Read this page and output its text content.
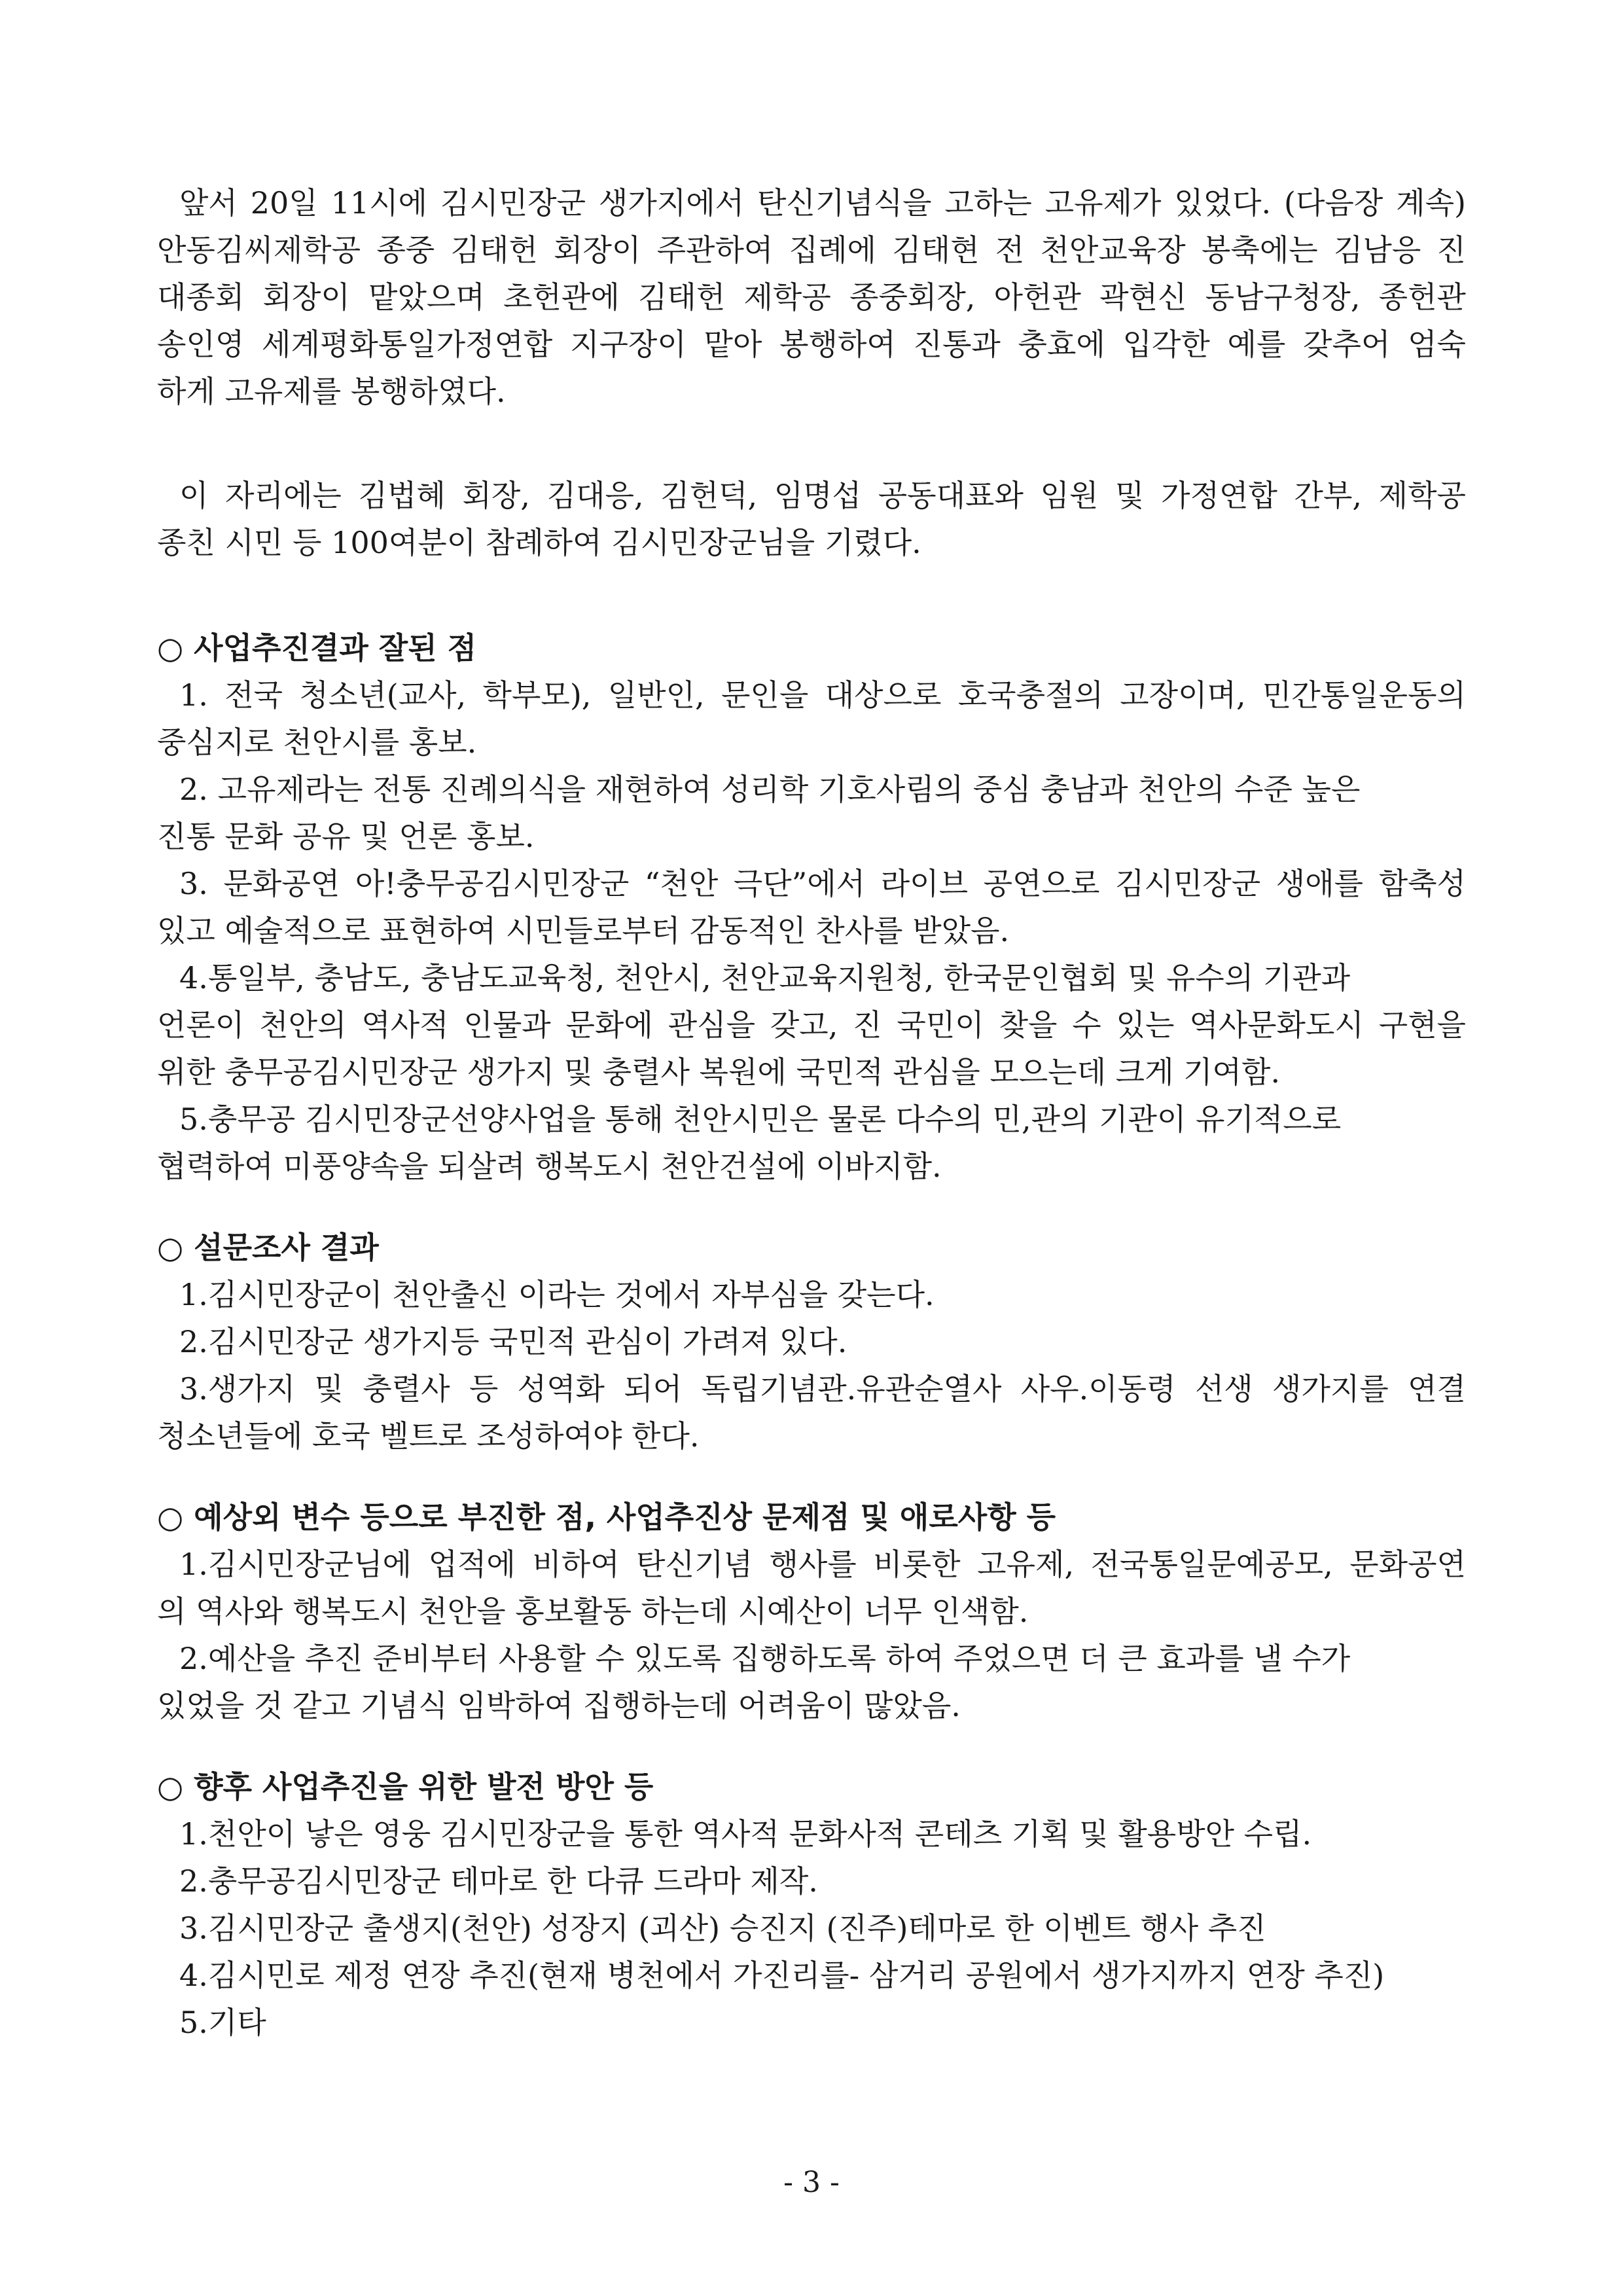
앞서 20일 11시에 김시민장군 생가지에서 탄신기념식을 고하는 고유제가 있었다. (다음장 계속)
안동김씨제학공 종중 김태헌 회장이 주관하여 집례에 김태현 전 천안교육장 봉축에는 김남응 진
대종회 회장이 맡았으며 초헌관에 김태헌 제학공 종중회장, 아헌관 곽현신 동남구청장, 종헌관
송인영 세계평화통일가정연합 지구장이 맡아 봉행하여 진통과 충효에 입각한 예를 갖추어 엄숙
하게 고유제를 봉행하였다.
이 자리에는 김법혜 회장, 김대응, 김헌덕, 임명섭 공동대표와 임원 및 가정연합 간부, 제학공
종친 시민 등 100여분이 참례하여 김시민장군님을 기렸다.
○ 사업추진결과 잘된 점
1. 전국 청소년(교사, 학부모), 일반인, 문인을 대상으로 호국충절의 고장이며, 민간통일운동의
중심지로 천안시를 홍보.
2. 고유제라는 전통 진례의식을 재현하여 성리학 기호사림의 중심 충남과 천안의 수준 높은
진통 문화 공유 및 언론 홍보.
3. 문화공연 아!충무공김시민장군 “천안 극단”에서 라이브 공연으로 김시민장군 생애를 함축성
있고 예술적으로 표현하여 시민들로부터 감동적인 찬사를 받았음.
4.통일부, 충남도, 충남도교육청, 천안시, 천안교육지원청, 한국문인협회 및 유수의 기관과
언론이 천안의 역사적 인물과 문화에 관심을 갖고, 진 국민이 찾을 수 있는 역사문화도시 구현을
위한 충무공김시민장군 생가지 및 충렬사 복원에 국민적 관심을 모으는데 크게 기여함.
5.충무공 김시민장군선양사업을 통해 천안시민은 물론 다수의 민,관의 기관이 유기적으로
협력하여 미풍양속을 되살려 행복도시 천안건설에 이바지함.
○ 설문조사 결과
1.김시민장군이 천안출신 이라는 것에서 자부심을 갖는다.
2.김시민장군 생가지등 국민적 관심이 가려져 있다.
3.생가지 및 충렬사 등 성역화 되어 독립기념관.유관순열사 사우.이동령 선생 생가지를 연결
청소년들에 호국 벨트로 조성하여야 한다.
○ 예상외 변수 등으로 부진한 점, 사업추진상 문제점 및 애로사항 등
1.김시민장군님에 업적에 비하여 탄신기념 행사를 비롯한 고유제, 전국통일문예공모, 문화공연
의 역사와 행복도시 천안을 홍보활동 하는데 시예산이 너무 인색함.
2.예산을 추진 준비부터 사용할 수 있도록 집행하도록 하여 주었으면 더 큰 효과를 낼 수가
있었을 것 같고 기념식 임박하여 집행하는데 어려움이 많았음.
○ 향후 사업추진을 위한 발전 방안 등
1.천안이 낳은 영웅 김시민장군을 통한 역사적 문화사적 콘테츠 기획 및 활용방안 수립.
2.충무공김시민장군 테마로 한 다큐 드라마 제작.
3.김시민장군 출생지(천안) 성장지 (괴산) 승진지 (진주)테마로 한 이벤트 행사 추진
4.김시민로 제정 연장 추진(현재 병천에서 가진리를- 삼거리 공원에서 생가지까지 연장 추진)
5.기타
- 3 -
